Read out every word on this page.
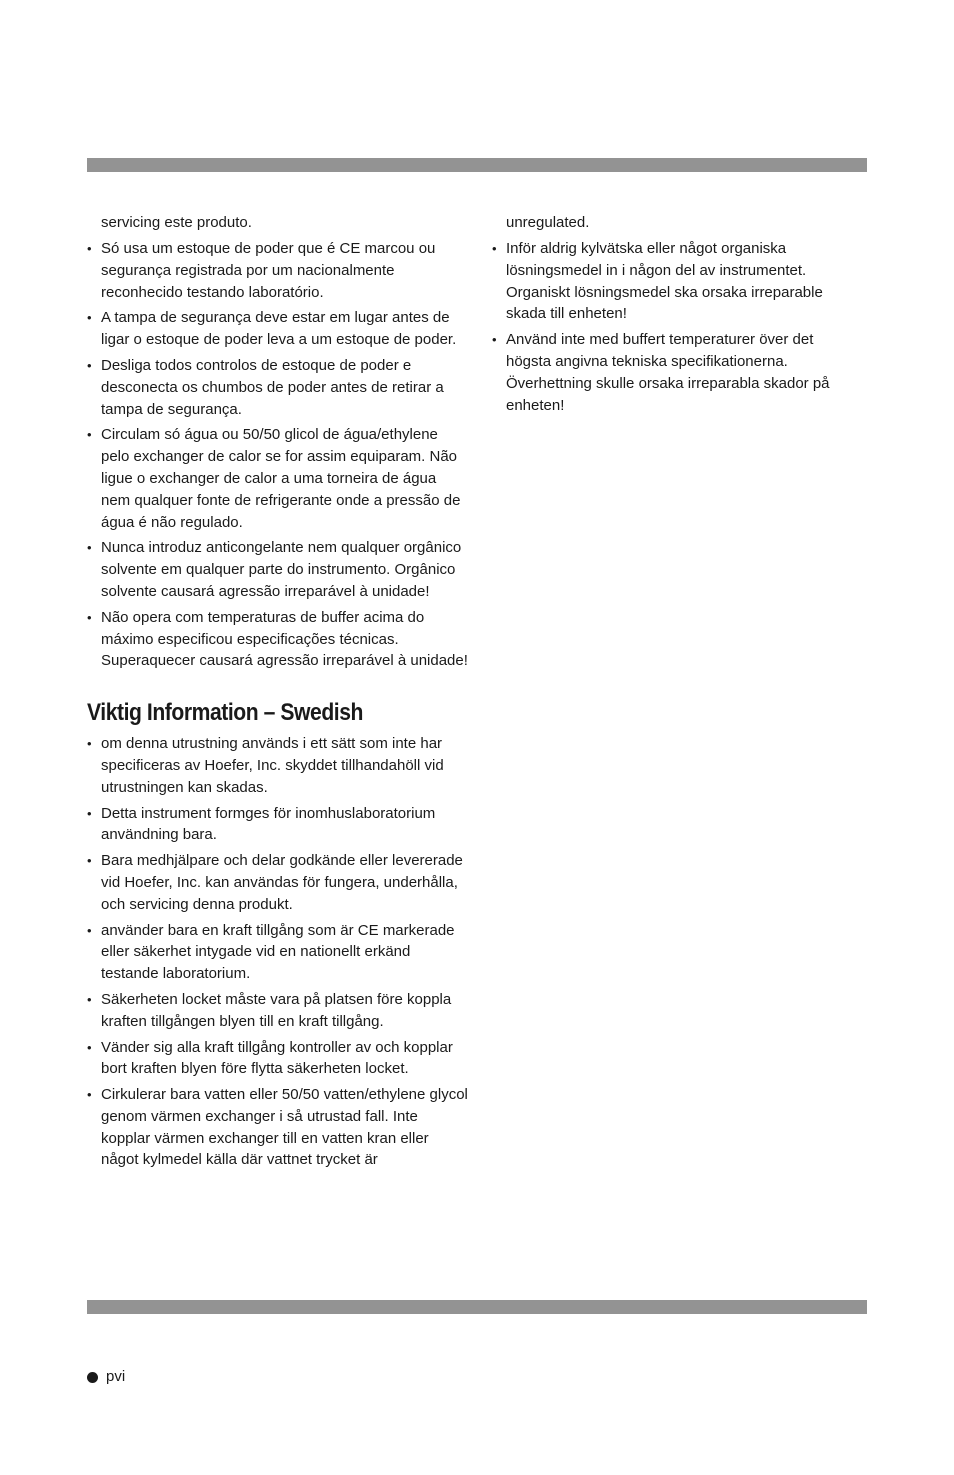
servicing este produto.

• Só usa um estoque de poder que é CE marcou ou segurança registrada por um nacionalmente reconhecido testando laboratório.
• A tampa de segurança deve estar em lugar antes de ligar o estoque de poder leva a um estoque de poder.
• Desliga todos controlos de estoque de poder e desconecta os chumbos de poder antes de retirar a tampa de segurança.
• Circulam só água ou 50/50 glicol de água/ethylene pelo exchanger de calor se for assim equiparam. Não ligue o exchanger de calor a uma torneira de água nem qualquer fonte de refrigerante onde a pressão de água é não regulado.
• Nunca introduz anticongelante nem qualquer orgânico solvente em qualquer parte do instrumento. Orgânico solvente causará agressão irreparável à unidade!
• Não opera com temperaturas de buffer acima do máximo especificou especificações técnicas. Superaquecer causará agressão irreparável à unidade!
Viktig Information – Swedish
• om denna utrustning används i ett sätt som inte har specificeras av Hoefer, Inc. skyddet tillhandahöll vid utrustningen kan skadas.
• Detta instrument formges för inomhuslaboratorium användning bara.
• Bara medhjälpare och delar godkände eller levererade vid Hoefer, Inc. kan användas för fungera, underhålla, och servicing denna produkt.
• använder bara en kraft tillgång som är CE markerade eller säkerhet intygade vid en nationellt erkänd testande laboratorium.
• Säkerheten locket måste vara på platsen före koppla kraften tillgången blyen till en kraft tillgång.
• Vänder sig alla kraft tillgång kontroller av och kopplar bort kraften blyen före flytta säkerheten locket.
• Cirkulerar bara vatten eller 50/50 vatten/ethylene glycol genom värmen exchanger i så utrustad fall. Inte kopplar värmen exchanger till en vatten kran eller något kylmedel källa där vattnet trycket är

unregulated.

• Inför aldrig kylvätska eller något organiska lösningsmedel in i någon del av instrumentet. Organiskt lösningsmedel ska orsaka irreparable skada till enheten!
• Använd inte med buffert temperaturer över det högsta angivna tekniska specifikationerna. Överhettning skulle orsaka irreparabla skador på enheten!
pvi
